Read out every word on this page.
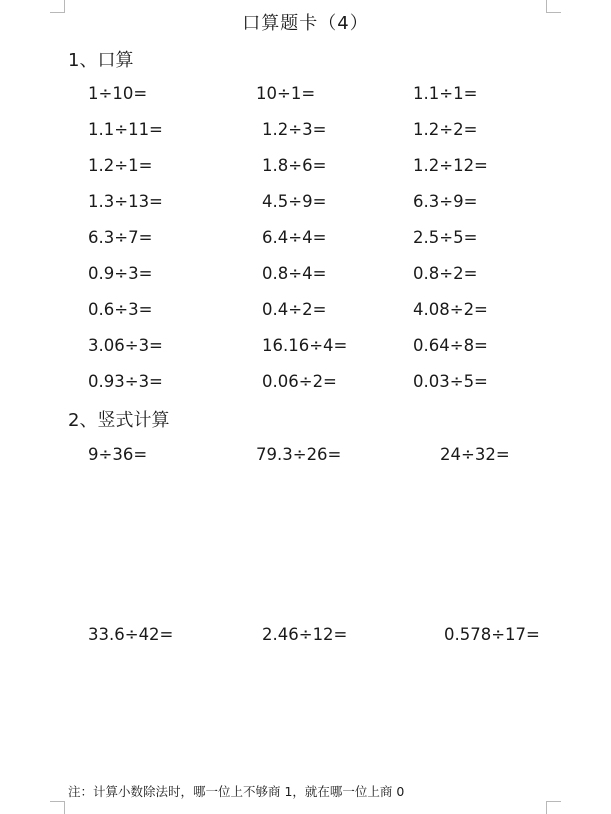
口算题卡（4）
1、口算
1÷10=	10÷1=	1.1÷1=
1.1÷11=	1.2÷3=	1.2÷2=
1.2÷1=	1.8÷6=	1.2÷12=
1.3÷13=	4.5÷9=	6.3÷9=
6.3÷7=	6.4÷4=	2.5÷5=
0.9÷3=	0.8÷4=	0.8÷2=
0.6÷3=	0.4÷2=	4.08÷2=
3.06÷3=	16.16÷4=	0.64÷8=
0.93÷3=	0.06÷2=	0.03÷5=
2、竖式计算
9÷36=	79.3÷26=	24÷32=
33.6÷42=	2.46÷12=	0.578÷17=
注：计算小数除法时，哪一位上不够商 1，就在哪一位上商 0
